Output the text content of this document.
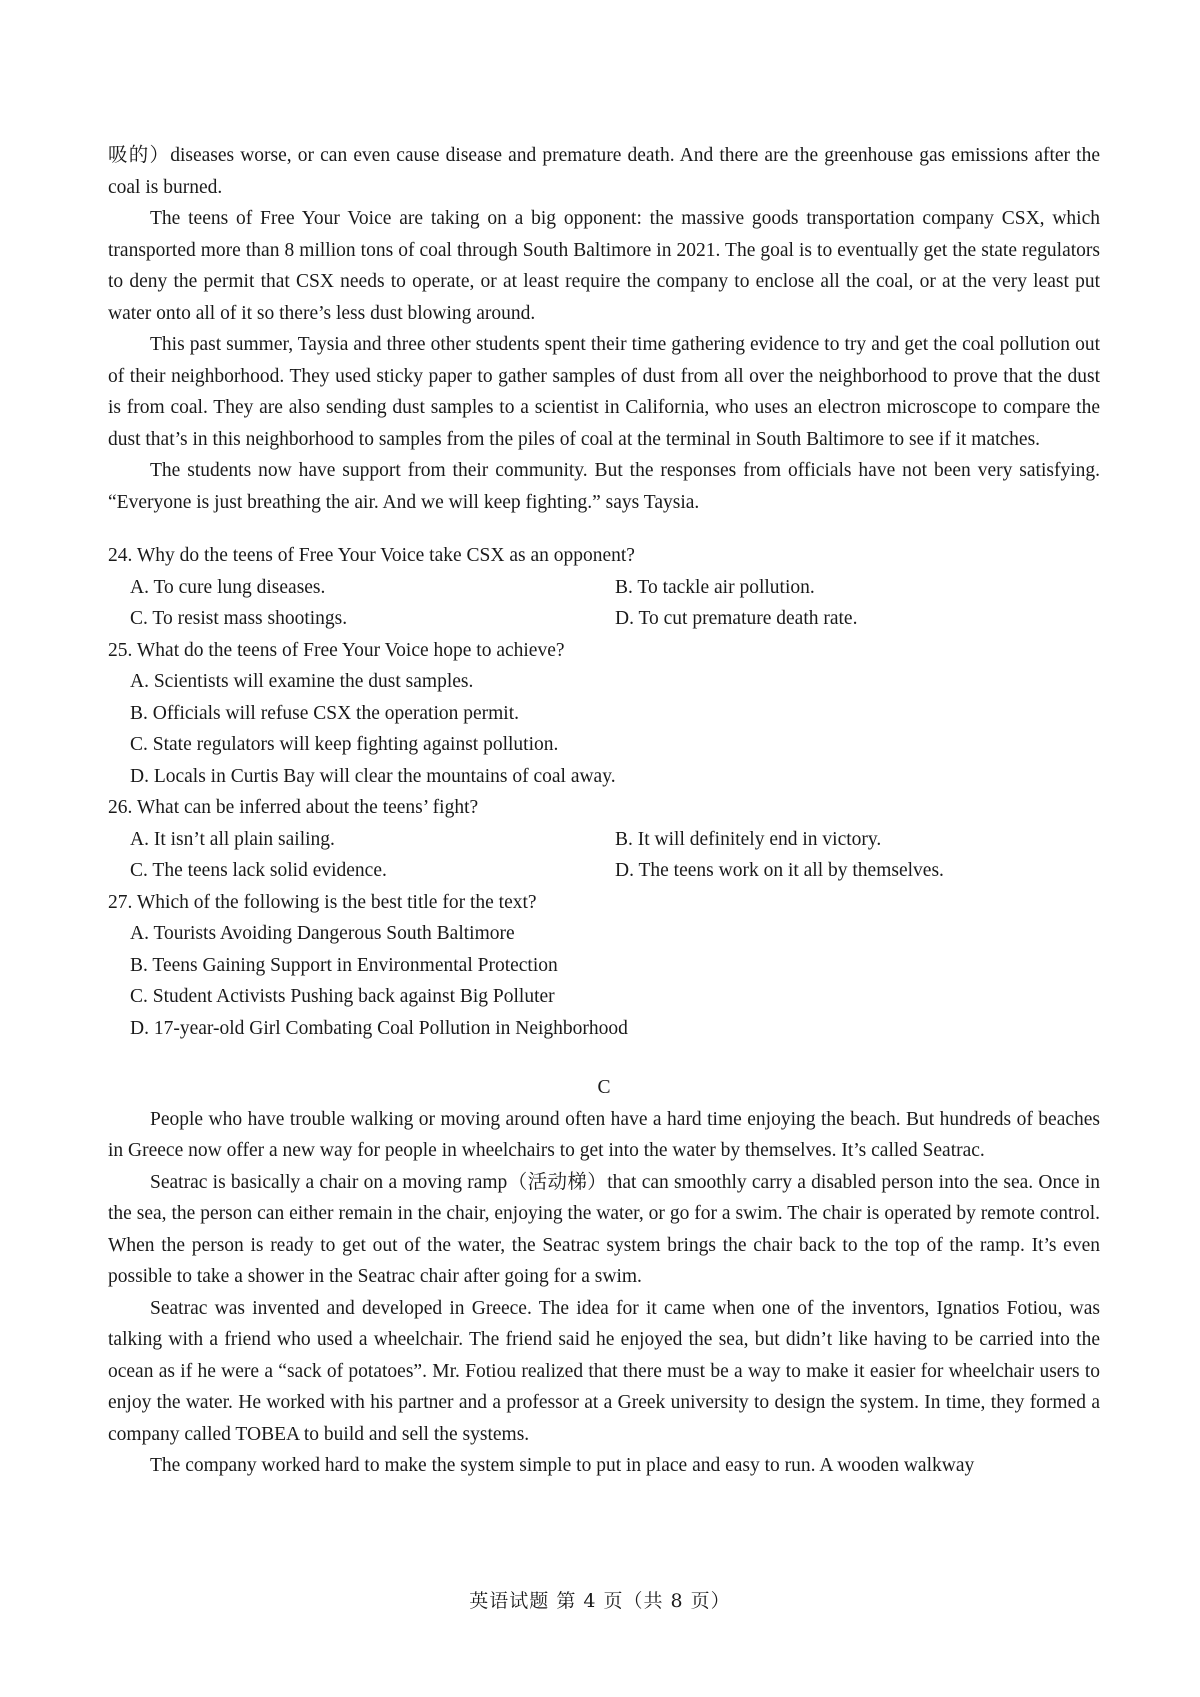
吸的）diseases worse, or can even cause disease and premature death. And there are the greenhouse gas emissions after the coal is burned.

The teens of Free Your Voice are taking on a big opponent: the massive goods transportation company CSX, which transported more than 8 million tons of coal through South Baltimore in 2021. The goal is to eventually get the state regulators to deny the permit that CSX needs to operate, or at least require the company to enclose all the coal, or at the very least put water onto all of it so there’s less dust blowing around.

This past summer, Taysia and three other students spent their time gathering evidence to try and get the coal pollution out of their neighborhood. They used sticky paper to gather samples of dust from all over the neighborhood to prove that the dust is from coal. They are also sending dust samples to a scientist in California, who uses an electron microscope to compare the dust that’s in this neighborhood to samples from the piles of coal at the terminal in South Baltimore to see if it matches.

The students now have support from their community. But the responses from officials have not been very satisfying. “Everyone is just breathing the air. And we will keep fighting.” says Taysia.

24. Why do the teens of Free Your Voice take CSX as an opponent?
A. To cure lung diseases.	B. To tackle air pollution.
C. To resist mass shootings.	D. To cut premature death rate.
25. What do the teens of Free Your Voice hope to achieve?
A. Scientists will examine the dust samples.
B. Officials will refuse CSX the operation permit.
C. State regulators will keep fighting against pollution.
D. Locals in Curtis Bay will clear the mountains of coal away.
26. What can be inferred about the teens’ fight?
A. It isn’t all plain sailing.	B. It will definitely end in victory.
C. The teens lack solid evidence.	D. The teens work on it all by themselves.
27. Which of the following is the best title for the text?
A. Tourists Avoiding Dangerous South Baltimore
B. Teens Gaining Support in Environmental Protection
C. Student Activists Pushing back against Big Polluter
D. 17-year-old Girl Combating Coal Pollution in Neighborhood
C

People who have trouble walking or moving around often have a hard time enjoying the beach. But hundreds of beaches in Greece now offer a new way for people in wheelchairs to get into the water by themselves. It’s called Seatrac.

Seatrac is basically a chair on a moving ramp（活动梯）that can smoothly carry a disabled person into the sea. Once in the sea, the person can either remain in the chair, enjoying the water, or go for a swim. The chair is operated by remote control. When the person is ready to get out of the water, the Seatrac system brings the chair back to the top of the ramp. It’s even possible to take a shower in the Seatrac chair after going for a swim.

Seatrac was invented and developed in Greece. The idea for it came when one of the inventors, Ignatios Fotiou, was talking with a friend who used a wheelchair. The friend said he enjoyed the sea, but didn’t like having to be carried into the ocean as if he were a “sack of potatoes”. Mr. Fotiou realized that there must be a way to make it easier for wheelchair users to enjoy the water. He worked with his partner and a professor at a Greek university to design the system. In time, they formed a company called TOBEA to build and sell the systems.

The company worked hard to make the system simple to put in place and easy to run. A wooden walkway

英语试题 第 4 页（共 8 页）
